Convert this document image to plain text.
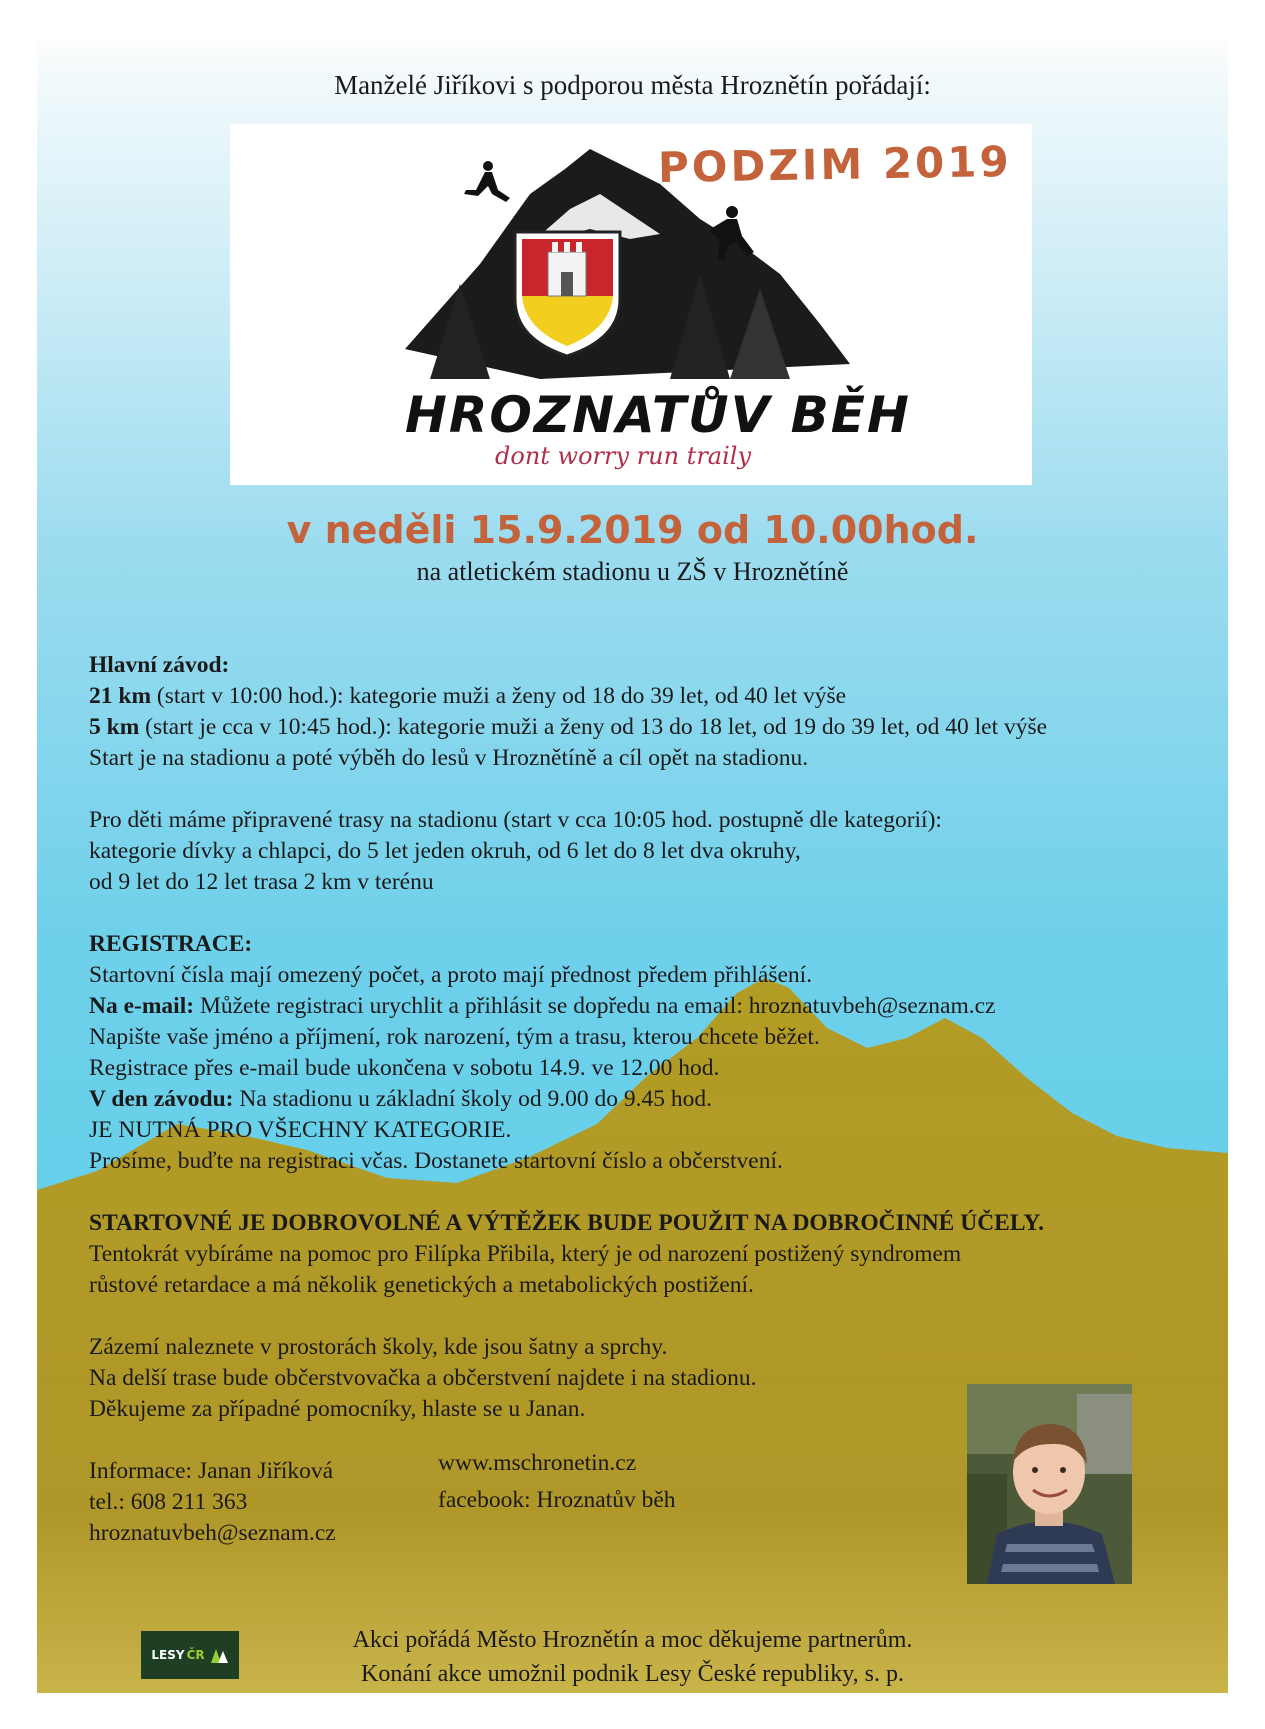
Manželé Jiříkovi s podporou města Hroznětín pořádají:
PODZIM 2019
HROZNATŮV BĚH
dont worry run traily
v neděli 15.9.2019 od 10.00hod.
na atletickém stadionu u ZŠ v Hroznětíně
Hlavní závod:
21 km (start v 10:00 hod.): kategorie muži a ženy od 18 do 39 let, od 40 let výše
5 km (start je cca v 10:45 hod.): kategorie muži a ženy od 13 do 18 let, od 19 do 39 let, od 40 let výše
Start je na stadionu a poté výběh do lesů v Hroznětíně a cíl opět na stadionu.
Pro děti máme připravené trasy na stadionu (start v cca 10:05 hod. postupně dle kategorií):
kategorie dívky a chlapci, do 5 let jeden okruh, od 6 let do 8 let dva okruhy,
od 9 let do 12 let trasa 2 km v terénu
REGISTRACE:
Startovní čísla mají omezený počet, a proto mají přednost předem přihlášení.
Na e-mail: Můžete registraci urychlit a přihlásit se dopředu na email: hroznatuvbeh@seznam.cz
Napište vaše jméno a příjmení, rok narození, tým a trasu, kterou chcete běžet.
Registrace přes e-mail bude ukončena v sobotu 14.9. ve 12.00 hod.
V den závodu: Na stadionu u základní školy od 9.00 do 9.45 hod.
JE NUTNÁ PRO VŠECHNY KATEGORIE.
Prosíme, buďte na registraci včas. Dostanete startovní číslo a občerstvení.
STARTOVNÉ JE DOBROVOLNÉ A VÝTĚŽEK BUDE POUŽIT NA DOBROČINNÉ ÚČELY.
Tentokrát vybíráme na pomoc pro Filípka Přibila, který je od narození postižený syndromem
růstové retardace a má několik genetických a metabolických postižení.
Zázemí naleznete v prostorách školy, kde jsou šatny a sprchy.
Na delší trase bude občerstvovačka a občerstvení najdete i na stadionu.
Děkujeme za případné pomocníky, hlaste se u Janan.
Informace: Janan Jiříková
tel.: 608 211 363
hroznatuvbeh@seznam.cz
www.mschronetin.cz
facebook: Hroznatův běh
LESY ČR
Akci pořádá Město Hroznětín a moc děkujeme partnerům.
Konání akce umožnil podnik Lesy České republiky, s. p.
